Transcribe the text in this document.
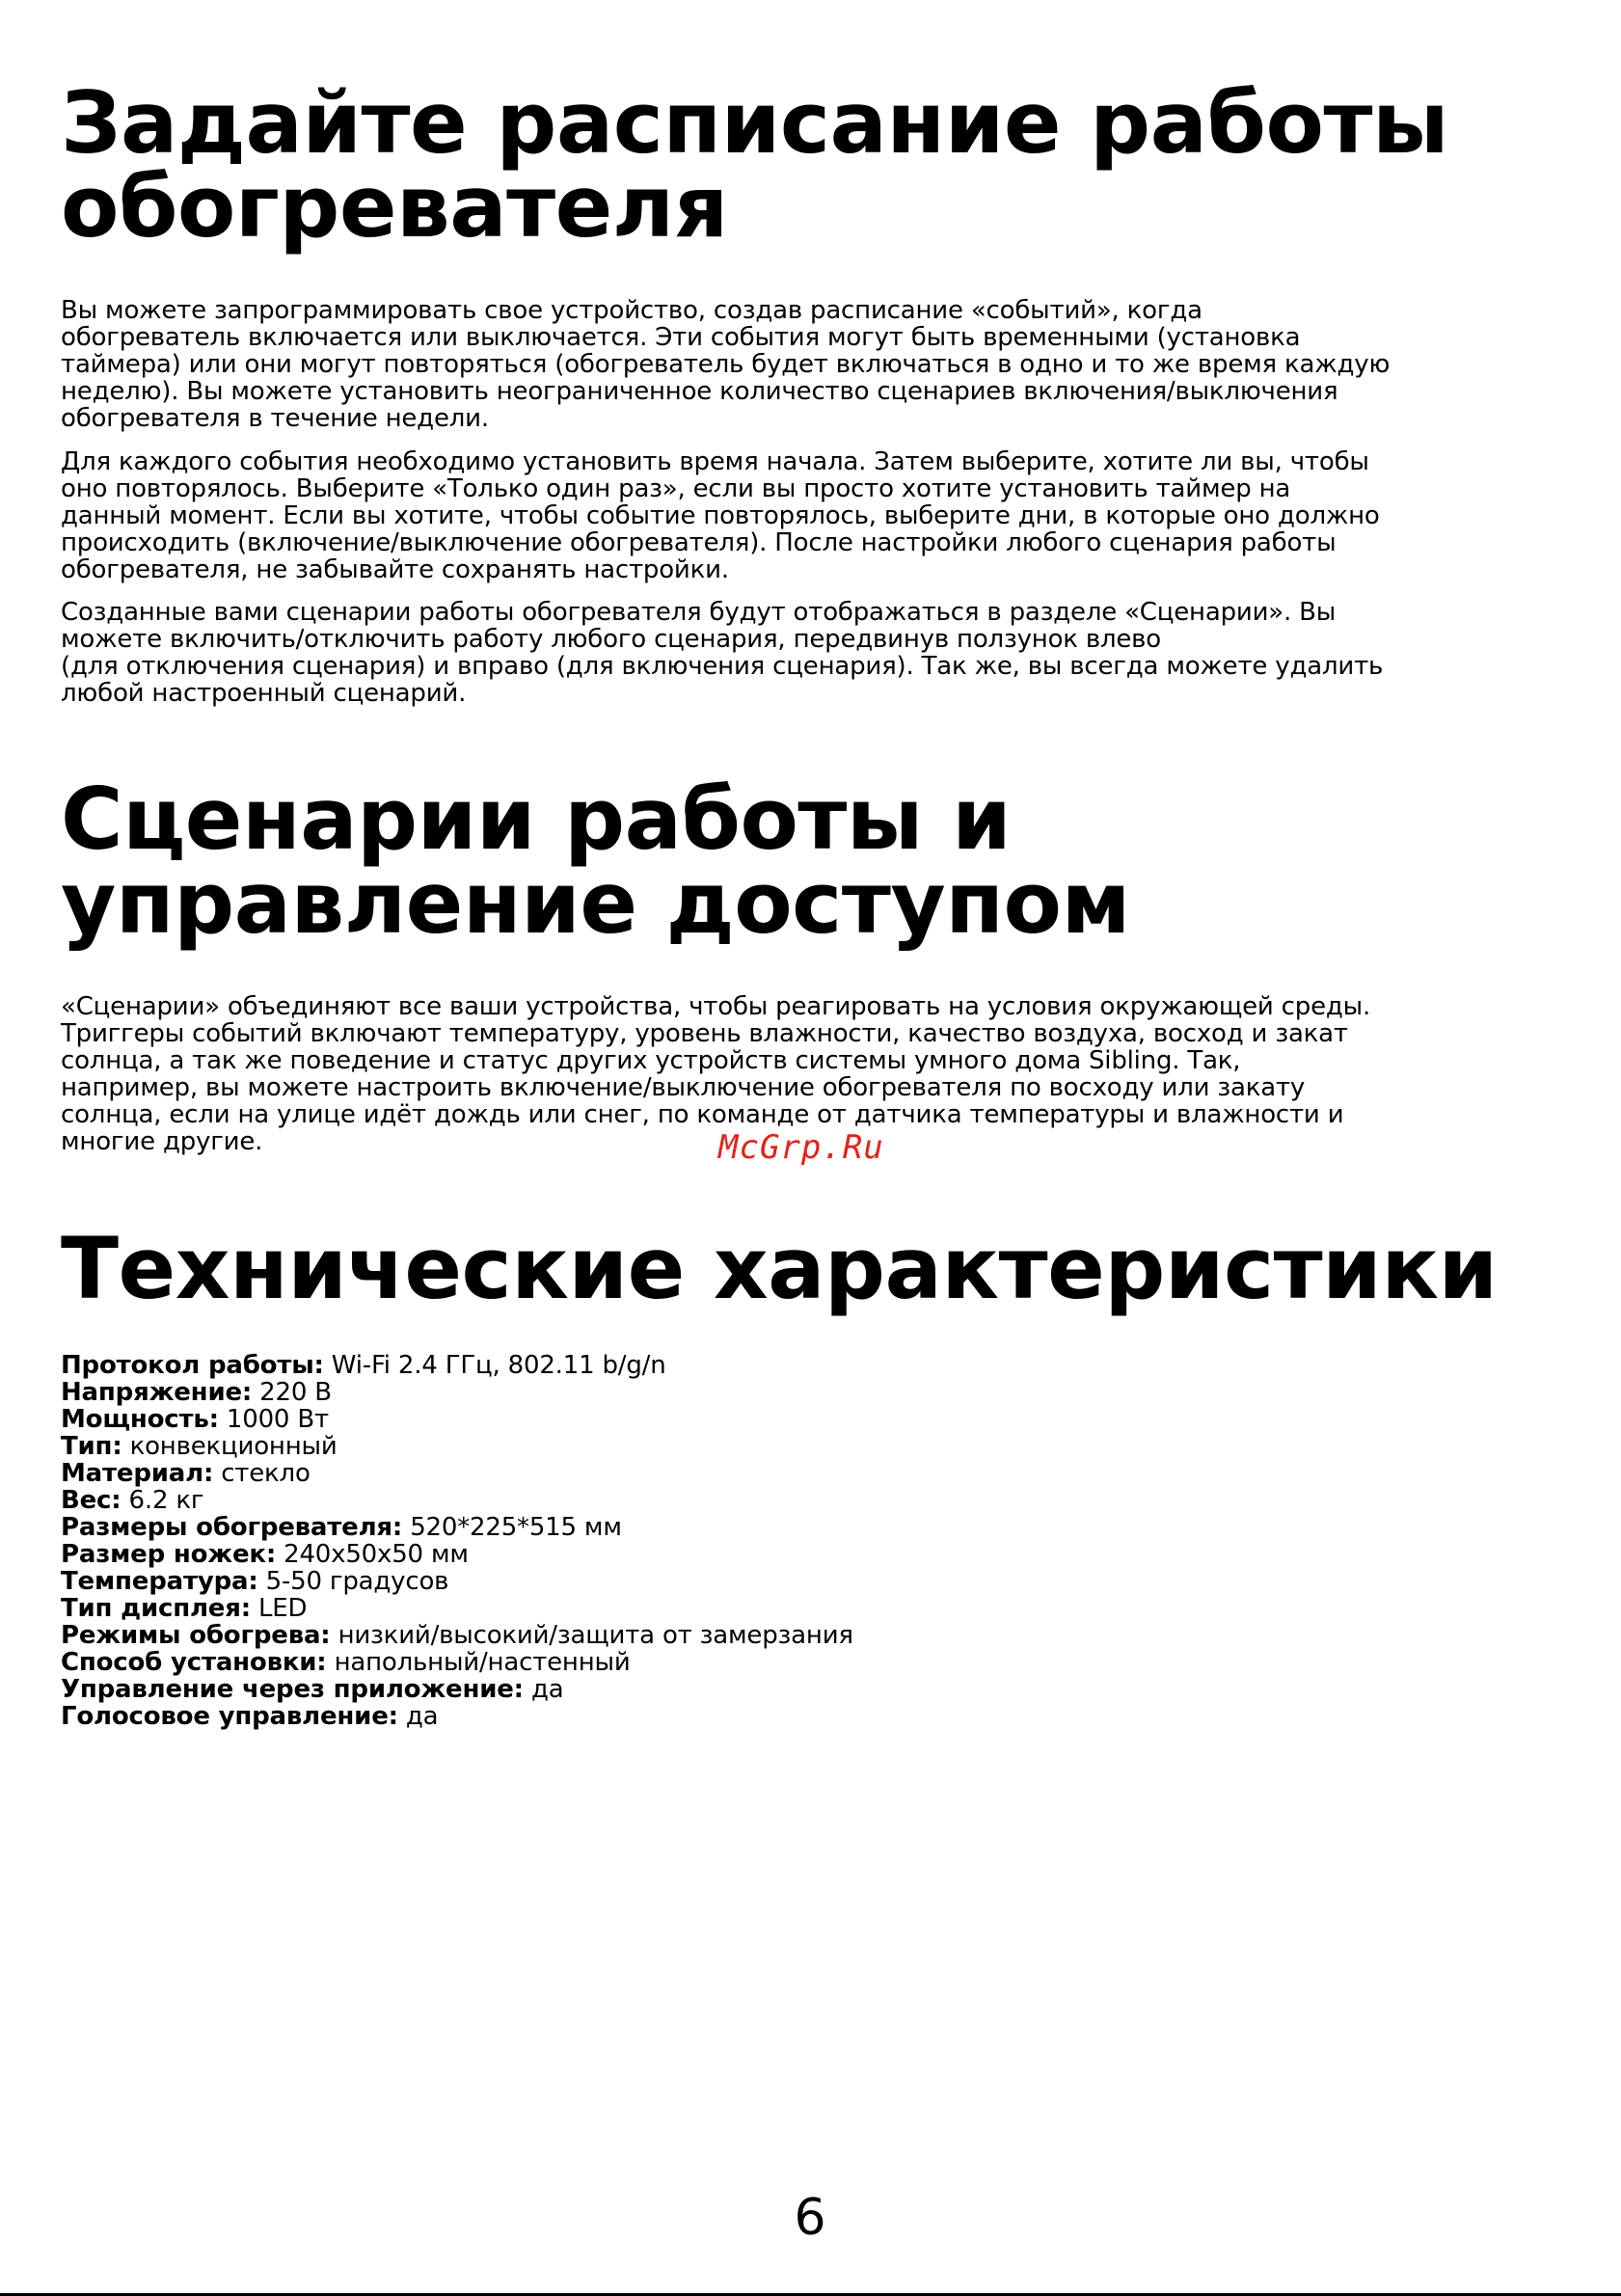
Задайте расписание работы
обогревателя
Вы можете запрограммировать свое устройство, создав расписание «событий», когда
обогреватель включается или выключается. Эти события могут быть временными (установка
таймера) или они могут повторяться (обогреватель будет включаться в одно и то же время каждую
неделю). Вы можете установить неограниченное количество сценариев включения/выключения
обогревателя в течение недели.
Для каждого события необходимо установить время начала. Затем выберите, хотите ли вы, чтобы
оно повторялось. Выберите «Только один раз», если вы просто хотите установить таймер на
данный момент. Если вы хотите, чтобы событие повторялось, выберите дни, в которые оно должно
происходить (включение/выключение обогревателя). После настройки любого сценария работы
обогревателя, не забывайте сохранять настройки.
Созданные вами сценарии работы обогревателя будут отображаться в разделе «Сценарии». Вы
можете включить/отключить работу любого сценария, передвинув ползунок влево
(для отключения сценария) и вправо (для включения сценария). Так же, вы всегда можете удалить
любой настроенный сценарий.
Сценарии работы и
управление доступом
«Сценарии» объединяют все ваши устройства, чтобы реагировать на условия окружающей среды.
Триггеры событий включают температуру, уровень влажности, качество воздуха, восход и закат
солнца, а так же поведение и статус других устройств системы умного дома Sibling. Так,
например, вы можете настроить включение/выключение обогревателя по восходу или закату
солнца, если на улице идёт дождь или снег, по команде от датчика температуры и влажности и
многие другие.	McGrp.Ru
Технические характеристики
Протокол работы: Wi-Fi 2.4 ГГц, 802.11 b/g/n
Напряжение: 220 В
Мощность: 1000 Вт
Тип: конвекционный
Материал: стекло
Вес: 6.2 кг
Размеры обогревателя: 520*225*515 мм
Размер ножек: 240х50х50 мм
Температура: 5-50 градусов
Тип дисплея: LED
Режимы обогрева: низкий/высокий/защита от замерзания
Способ установки: напольный/настенный
Управление через приложение: да
Голосовое управление: да
6
